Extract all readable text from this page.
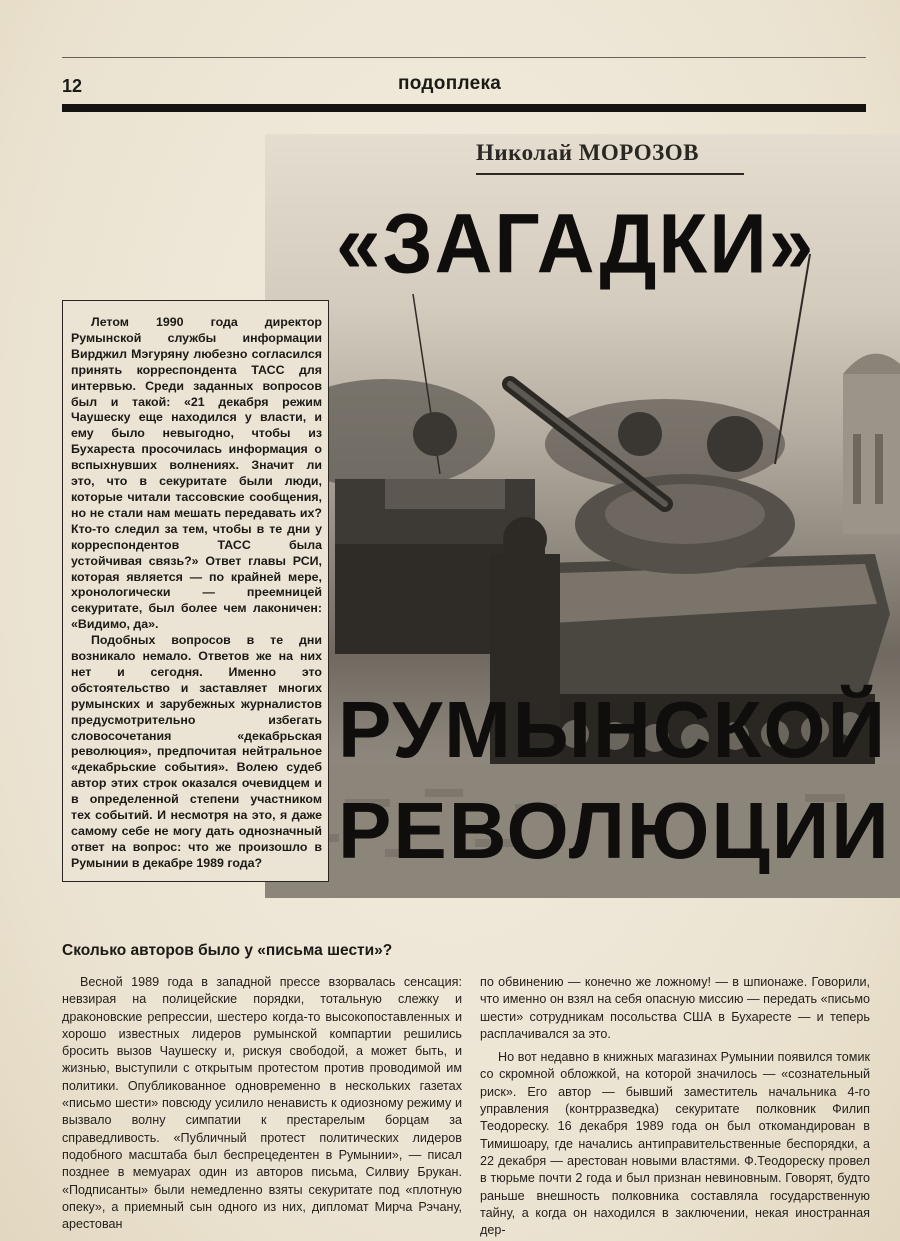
12	подоплека
Николай МОРОЗОВ
«ЗАГАДКИ»
РУМЫНСКОЙ
РЕВОЛЮЦИИ

Летом 1990 года директор Румынской службы информации Вирджил Мэгуряну любезно согласился принять корреспондента ТАСС для интервью. Среди заданных вопросов был и такой: «21 декабря режим Чаушеску еще находился у власти, и ему было невыгодно, чтобы из Бухареста просочилась информация о вспыхнувших волнениях. Значит ли это, что в секуритате были люди, которые читали тассовские сообщения, но не стали нам мешать передавать их? Кто-то следил за тем, чтобы в те дни у корреспондентов ТАСС была устойчивая связь?» Ответ главы РСИ, которая является — по крайней мере, хронологически — преемницей секуритате, был более чем лаконичен: «Видимо, да».

Подобных вопросов в те дни возникало немало. Ответов же на них нет и сегодня. Именно это обстоятельство и заставляет многих румынских и зарубежных журналистов предусмотрительно избегать словосочетания «декабрьская революция», предпочитая нейтральное «декабрьские события». Волею судеб автор этих строк оказался очевидцем и в определенной степени участником тех событий. И несмотря на это, я даже самому себе не могу дать однозначный ответ на вопрос: что же произошло в Румынии в декабре 1989 года?

Сколько авторов было у «письма шести»?

Весной 1989 года в западной прессе взорвалась сенсация: невзирая на полицейские порядки, тотальную слежку и драконовские репрессии, шестеро когда-то высокопоставленных и хорошо известных лидеров румынской компартии решились бросить вызов Чаушеску и, рискуя свободой, а может быть, и жизнью, выступили с открытым протестом против проводимой им политики. Опубликованное одновременно в нескольких газетах «письмо шести» повсюду усилило ненависть к одиозному режиму и вызвало волну симпатии к престарелым борцам за справедливость. «Публичный протест политических лидеров подобного масштаба был беспрецедентен в Румынии», — писал позднее в мемуарах один из авторов письма, Силвиу Брукан. «Подписанты» были немедленно взяты секуритате под «плотную опеку», а приемный сын одного из них, дипломат Мирча Рэчану, арестован

по обвинению — конечно же ложному! — в шпионаже. Говорили, что именно он взял на себя опасную миссию — передать «письмо шести» сотрудникам посольства США в Бухаресте — и теперь расплачивался за это.

Но вот недавно в книжных магазинах Румынии появился томик со скромной обложкой, на которой значилось — «сознательный риск». Его автор — бывший заместитель начальника 4-го управления (контрразведка) секуритате полковник Филип Теодореску. 16 декабря 1989 года он был откомандирован в Тимишоару, где начались антиправительственные беспорядки, а 22 декабря — арестован новыми властями. Ф.Теодореску провел в тюрьме почти 2 года и был признан невиновным. Говорят, будто раньше внешность полковника составляла государственную тайну, а когда он находился в заключении, некая иностранная дер-
